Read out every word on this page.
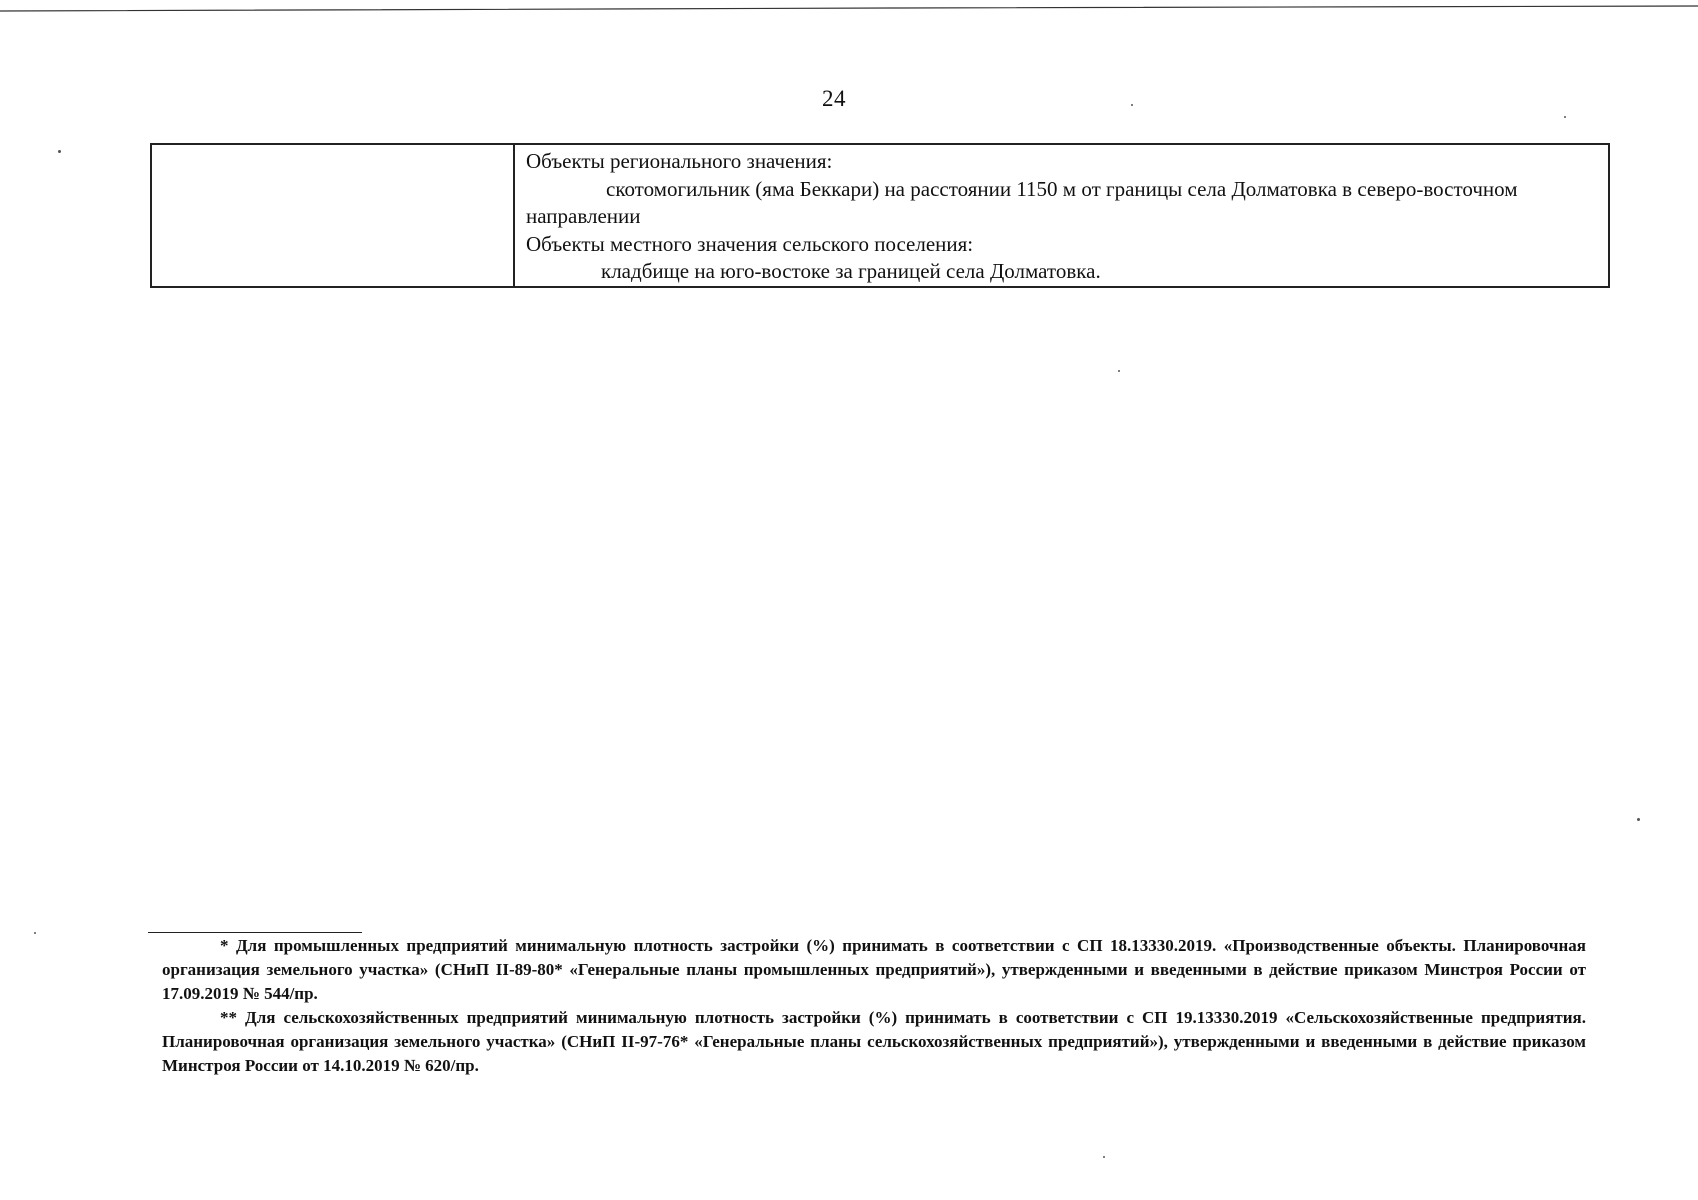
24

Объекты регионального значения:

скотомогильник (яма Беккари) на расстоянии 1150 м от границы села Долматовка в северо-восточном направлении

Объекты местного значения сельского поселения:

кладбище на юго-востоке за границей села Долматовка.

* Для промышленных предприятий минимальную плотность застройки (%) принимать в соответствии с СП 18.13330.2019. «Производственные объекты. Планировочная организация земельного участка» (СНиП II-89-80* «Генеральные планы промышленных предприятий»), утвержденными и введенными в действие приказом Минстроя России от 17.09.2019 № 544/пр.

** Для сельскохозяйственных предприятий минимальную плотность застройки (%) принимать в соответствии с СП 19.13330.2019 «Сельскохозяйственные предприятия. Планировочная организация земельного участка» (СНиП II-97-76* «Генеральные планы сельскохозяйственных предприятий»), утвержденными и введенными в действие приказом Минстроя России от 14.10.2019 № 620/пр.
